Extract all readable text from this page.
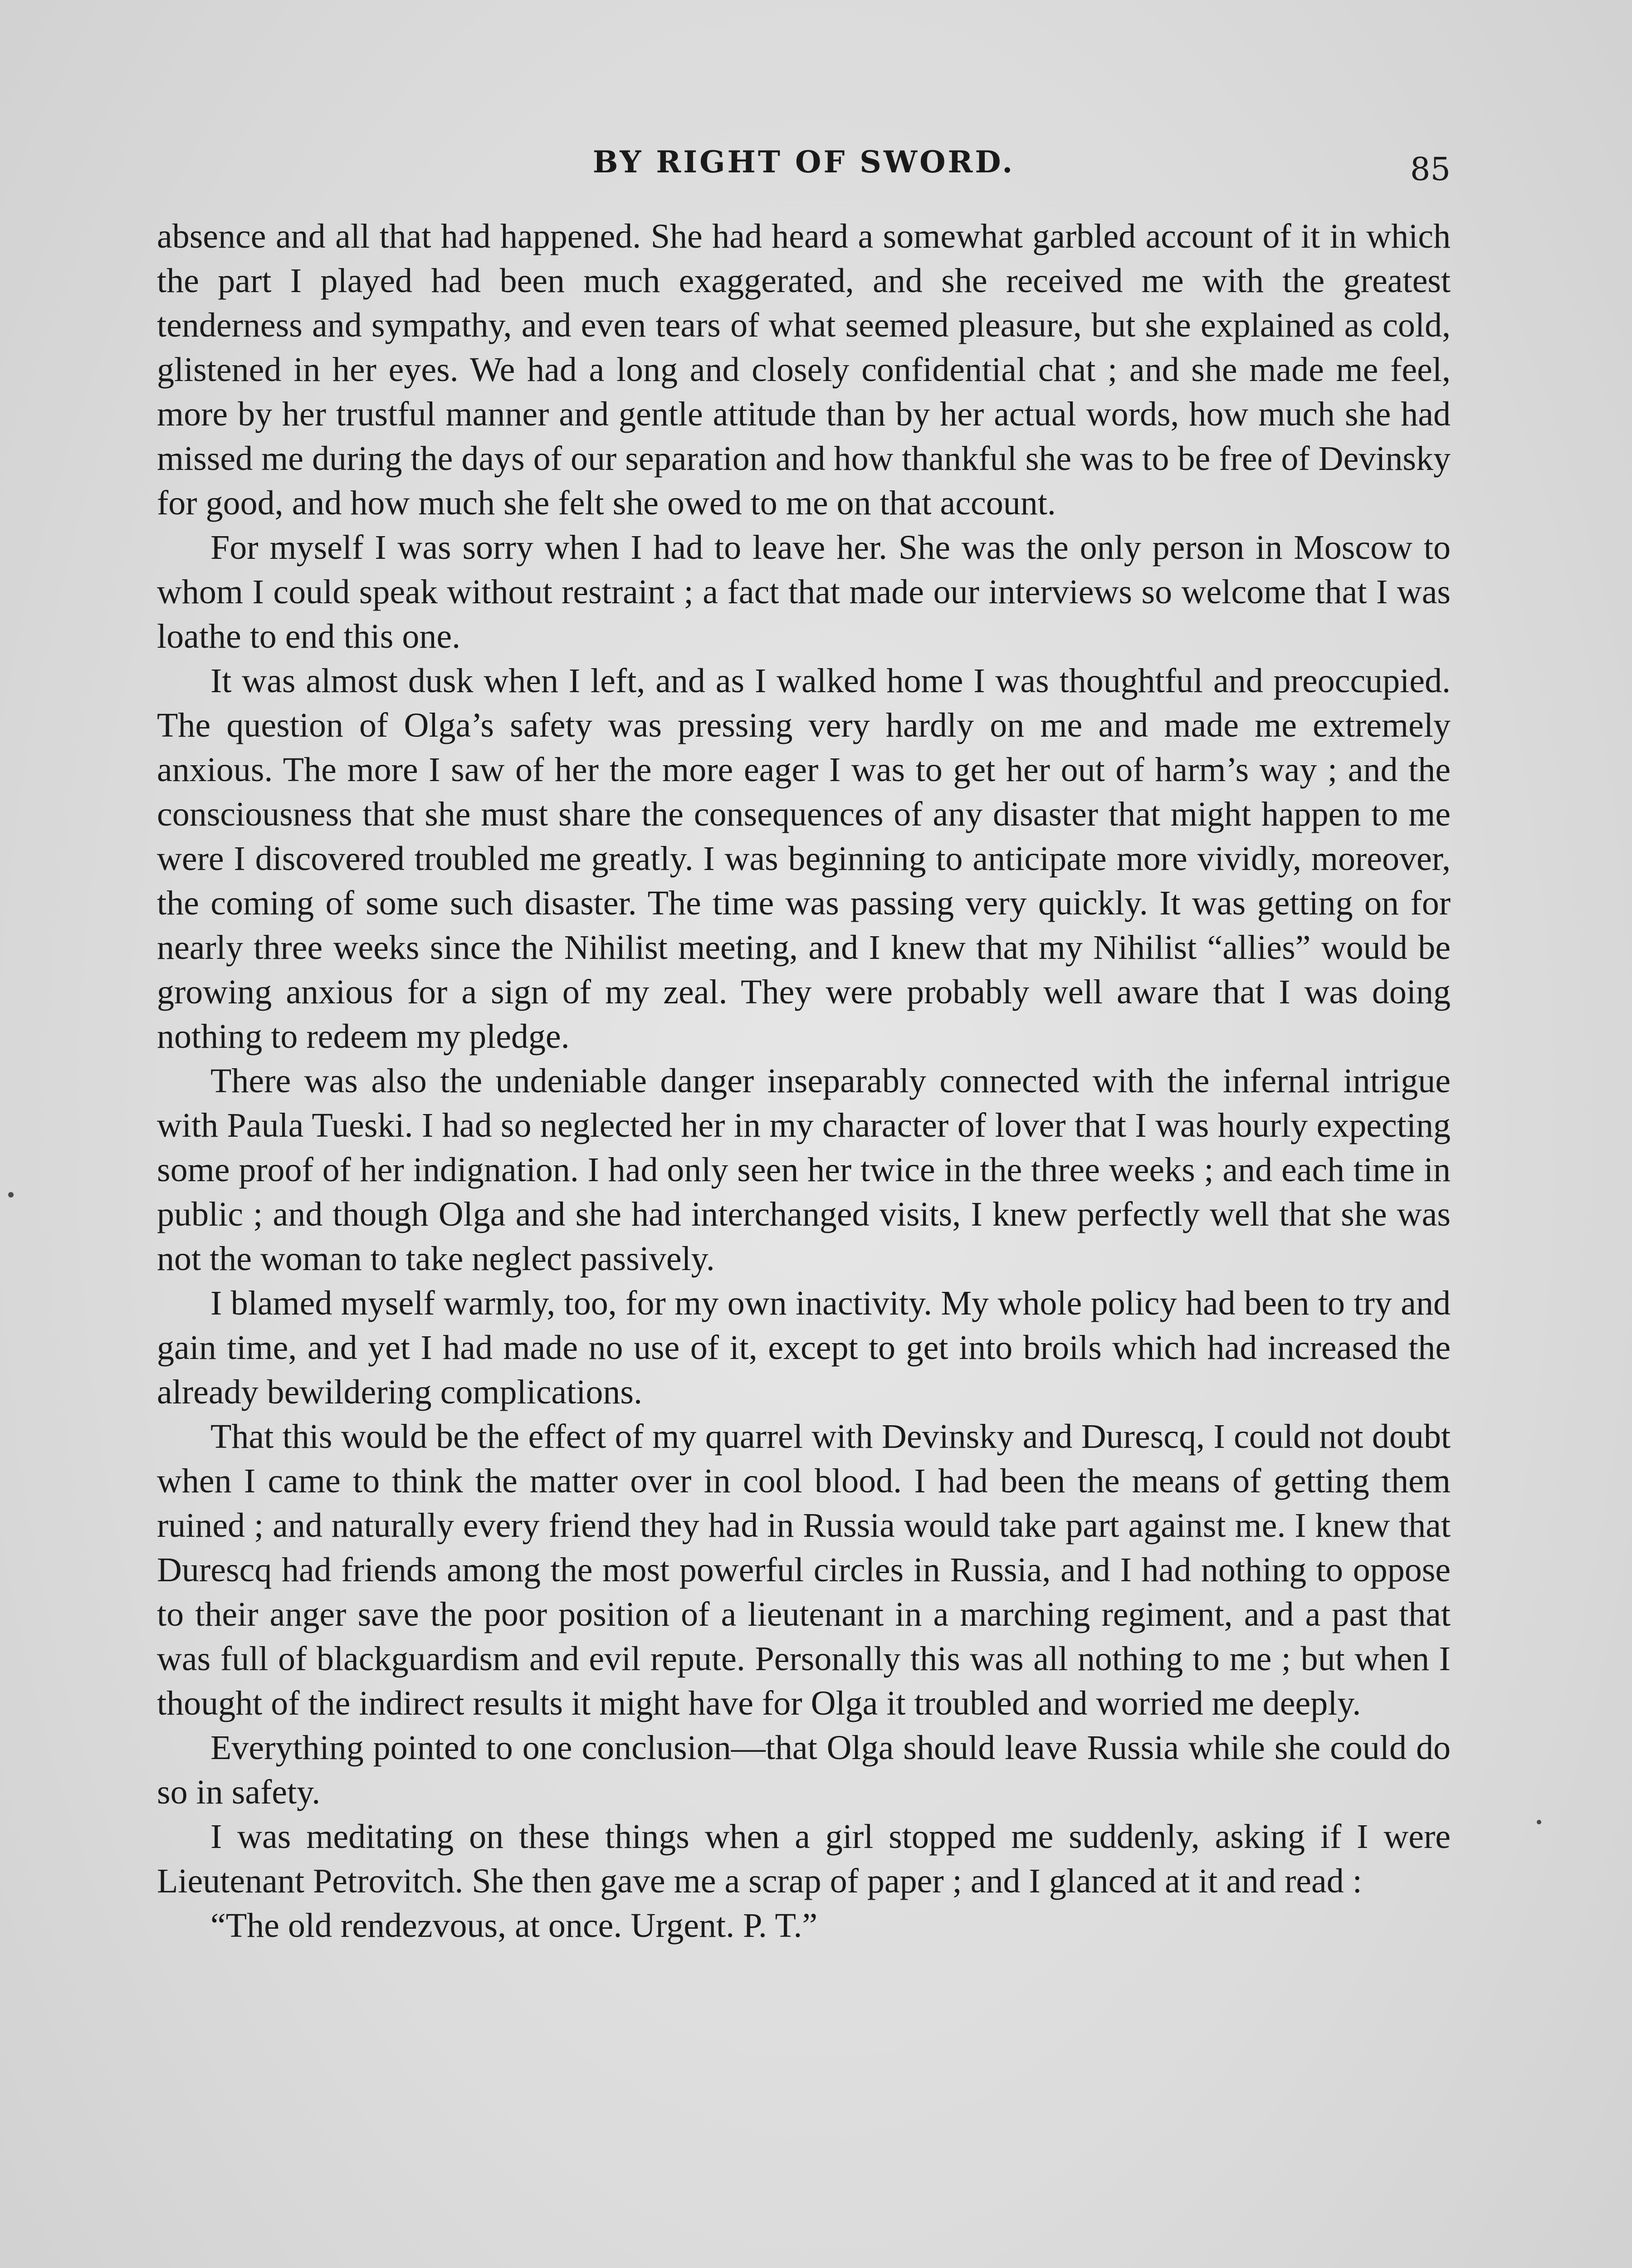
BY RIGHT OF SWORD.	85

absence and all that had happened. She had heard a somewhat garbled account of it in which the part I played had been much exaggerated, and she received me with the greatest tenderness and sympathy, and even tears of what seemed pleasure, but she explained as cold, glistened in her eyes. We had a long and closely confidential chat ; and she made me feel, more by her trustful manner and gentle attitude than by her actual words, how much she had missed me during the days of our separation and how thankful she was to be free of Devinsky for good, and how much she felt she owed to me on that account.

For myself I was sorry when I had to leave her. She was the only person in Moscow to whom I could speak without restraint ; a fact that made our interviews so welcome that I was loathe to end this one.

It was almost dusk when I left, and as I walked home I was thoughtful and preoccupied. The question of Olga’s safety was pressing very hardly on me and made me extremely anxious. The more I saw of her the more eager I was to get her out of harm’s way ; and the consciousness that she must share the consequences of any disaster that might happen to me were I discovered troubled me greatly. I was beginning to anticipate more vividly, moreover, the coming of some such disaster. The time was passing very quickly. It was getting on for nearly three weeks since the Nihilist meeting, and I knew that my Nihilist “allies” would be growing anxious for a sign of my zeal. They were probably well aware that I was doing nothing to redeem my pledge.

There was also the undeniable danger inseparably connected with the infernal intrigue with Paula Tueski. I had so neglected her in my character of lover that I was hourly expecting some proof of her indignation. I had only seen her twice in the three weeks ; and each time in public ; and though Olga and she had interchanged visits, I knew perfectly well that she was not the woman to take neglect passively.

I blamed myself warmly, too, for my own inactivity. My whole policy had been to try and gain time, and yet I had made no use of it, except to get into broils which had increased the already bewildering complications.

That this would be the effect of my quarrel with Devinsky and Durescq, I could not doubt when I came to think the matter over in cool blood. I had been the means of getting them ruined ; and naturally every friend they had in Russia would take part against me. I knew that Durescq had friends among the most powerful circles in Russia, and I had nothing to oppose to their anger save the poor position of a lieutenant in a marching regiment, and a past that was full of blackguardism and evil repute. Personally this was all nothing to me ; but when I thought of the indirect results it might have for Olga it troubled and worried me deeply.

Everything pointed to one conclusion—that Olga should leave Russia while she could do so in safety.

I was meditating on these things when a girl stopped me suddenly, asking if I were Lieutenant Petrovitch. She then gave me a scrap of paper ; and I glanced at it and read :

“The old rendezvous, at once. Urgent. P. T.”
